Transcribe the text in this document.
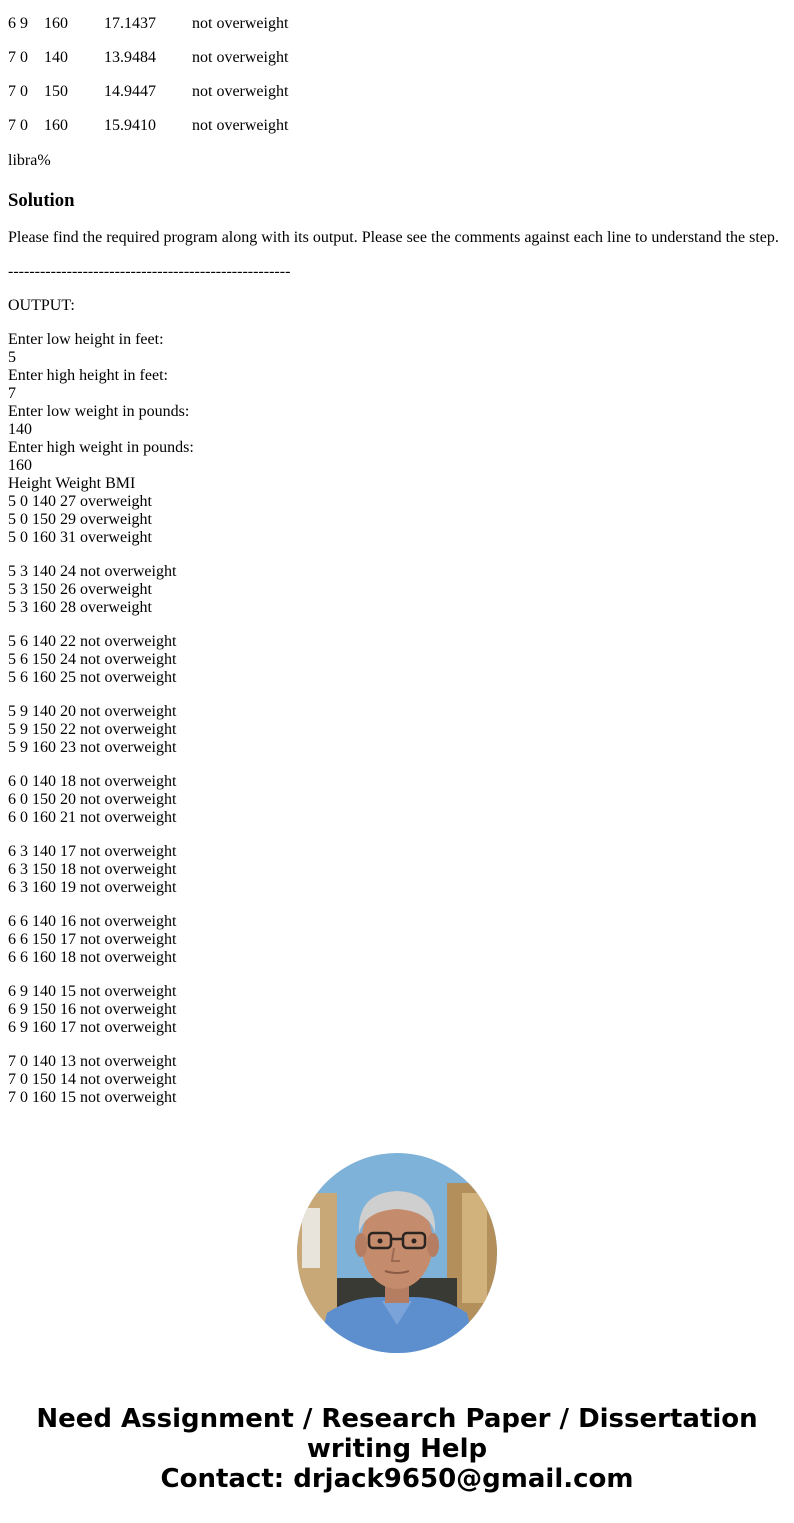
6 9	160	17.1437	not overweight
7 0	140	13.9484	not overweight
7 0	150	14.9447	not overweight
7 0	160	15.9410	not overweight

libra%

Solution

Please find the required program along with its output. Please see the comments against each line to understand the step.

-----------------------------------------------------

OUTPUT:

Enter low height in feet:
5
Enter high height in feet:
7
Enter low weight in pounds:
140
Enter high weight in pounds:
160
Height Weight BMI
5 0 140 27 overweight
5 0 150 29 overweight
5 0 160 31 overweight
5 3 140 24 not overweight
5 3 150 26 overweight
5 3 160 28 overweight
5 6 140 22 not overweight
5 6 150 24 not overweight
5 6 160 25 not overweight
5 9 140 20 not overweight
5 9 150 22 not overweight
5 9 160 23 not overweight
6 0 140 18 not overweight
6 0 150 20 not overweight
6 0 160 21 not overweight
6 3 140 17 not overweight
6 3 150 18 not overweight
6 3 160 19 not overweight
6 6 140 16 not overweight
6 6 150 17 not overweight
6 6 160 18 not overweight
6 9 140 15 not overweight
6 9 150 16 not overweight
6 9 160 17 not overweight
7 0 140 13 not overweight
7 0 150 14 not overweight
7 0 160 15 not overweight
Need Assignment / Research Paper / Dissertation
writing Help
Contact: drjack9650@gmail.com
